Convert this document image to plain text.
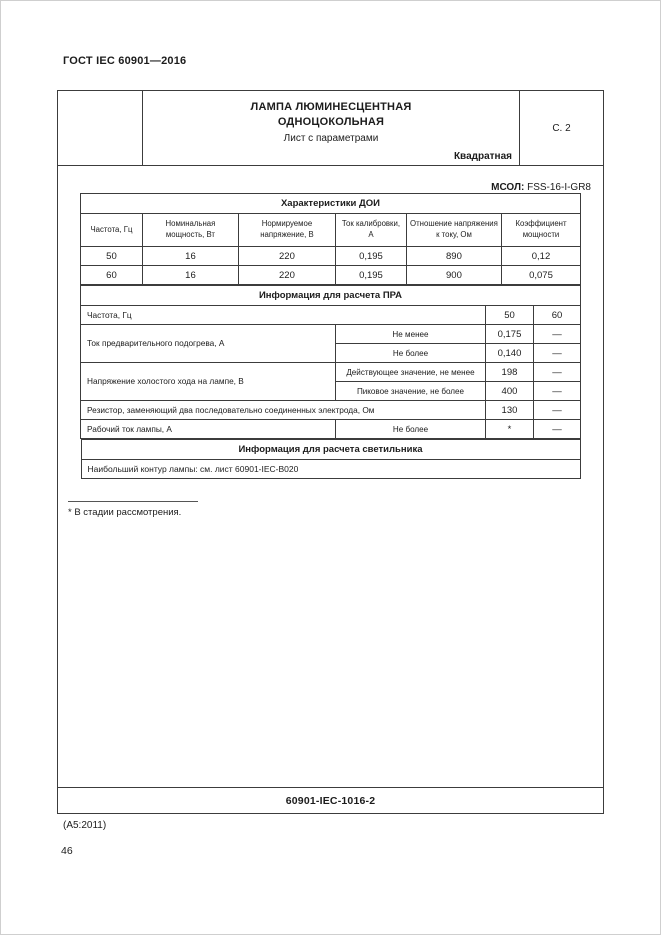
ГОСТ IEC 60901—2016
ЛАМПА ЛЮМИНЕСЦЕНТНАЯ
ОДНОЦОКОЛЬНАЯ
Лист с параметрами
Квадратная
С. 2
МСОЛ: FSS-16-I-GR8
Характеристики ДОИ					
Частота, Гц	Номинальная мощность, Вт	Нормируемое напряжение, В	Ток калибровки, А	Отношение напряжения к току, Ом	Коэффициент мощности
50	16	220	0,195	890	0,12
60	16	220	0,195	900	0,075
Информация для расчета ПРА			
Частота, Гц		50	60
Ток предварительного подогрева, А	Не менее	0,175	—
	Не более	0,140	—
Напряжение холостого хода на лампе, В	Действующее значение, не менее	198	—
	Пиковое значение, не более	400	—
Резистор, заменяющий два последовательно соединенных электрода, Ом		130	—
Рабочий ток лампы, А	Не более	*	—
Информация для расчета светильника
Наибольший контур лампы: см. лист 60901-IEC-B020
* В стадии рассмотрения.
60901-IEC-1016-2
(А5:2011)
46
